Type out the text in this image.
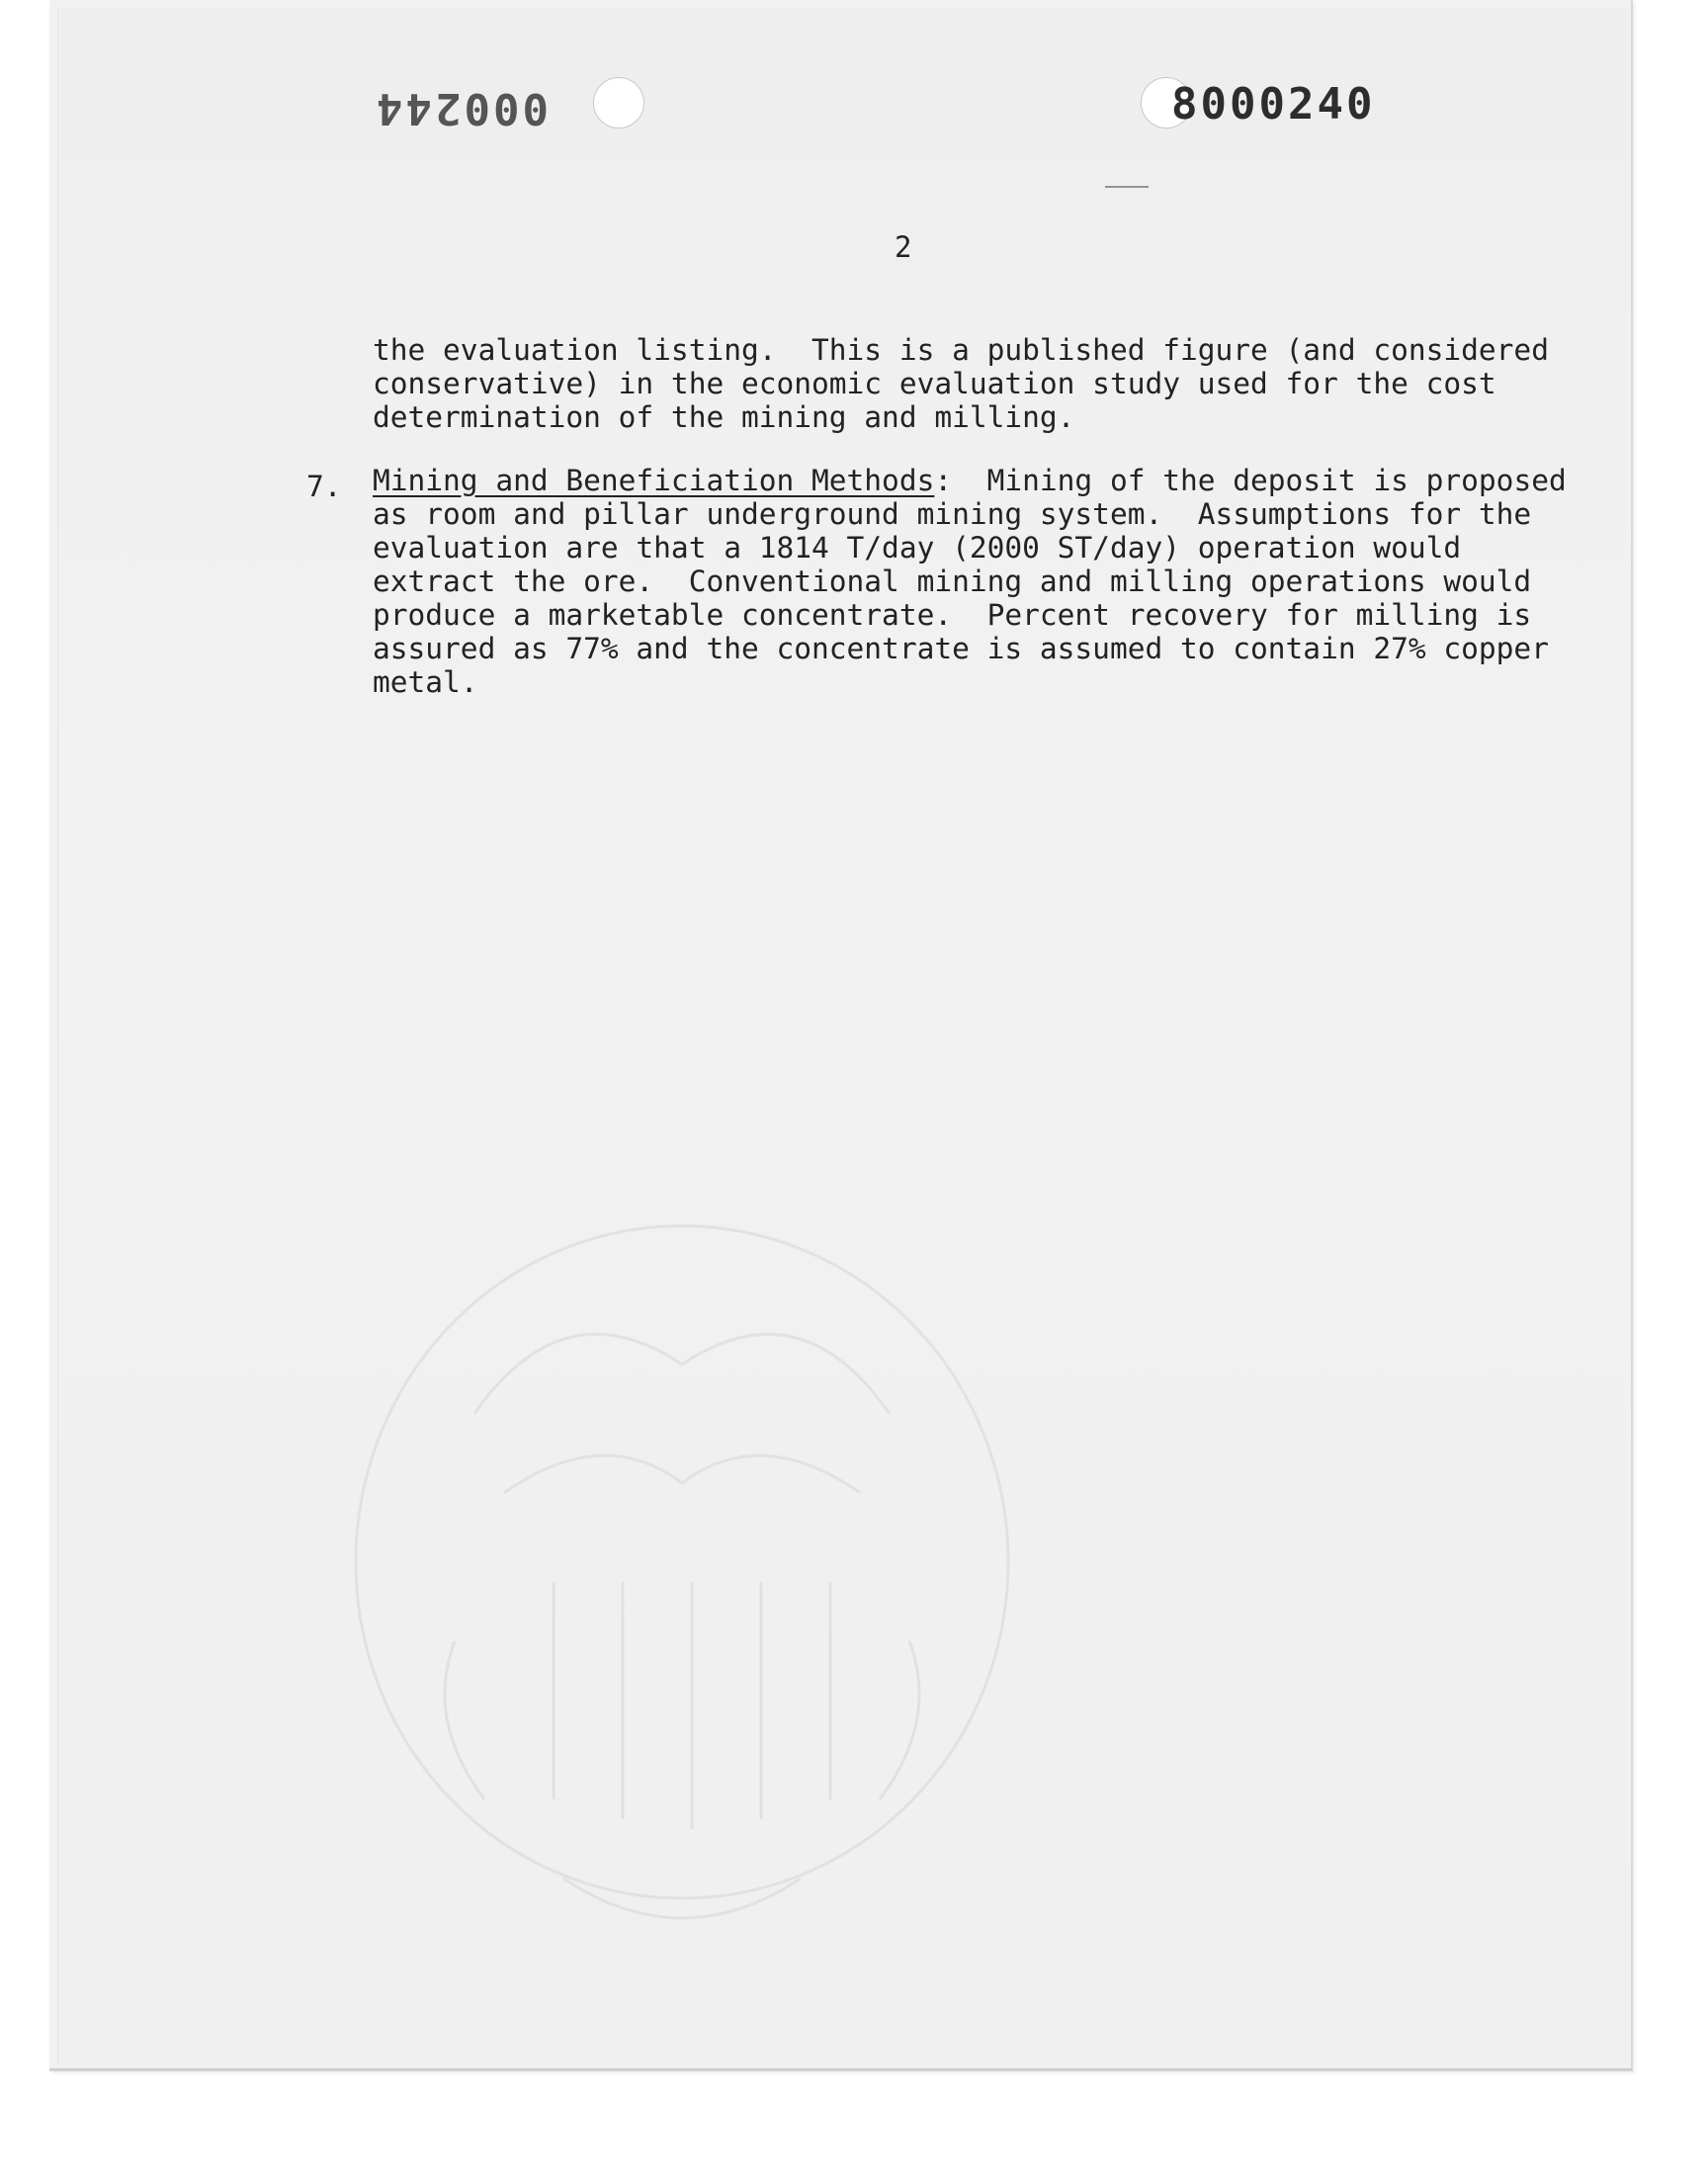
000244	8000240
2
the evaluation listing.  This is a published figure (and considered
conservative) in the economic evaluation study used for the cost
determination of the mining and milling.
7. Mining and Beneficiation Methods:  Mining of the deposit is proposed
as room and pillar underground mining system.  Assumptions for the
evaluation are that a 1814 T/day (2000 ST/day) operation would
extract the ore.  Conventional mining and milling operations would
produce a marketable concentrate.  Percent recovery for milling is
assured as 77% and the concentrate is assumed to contain 27% copper
metal.
